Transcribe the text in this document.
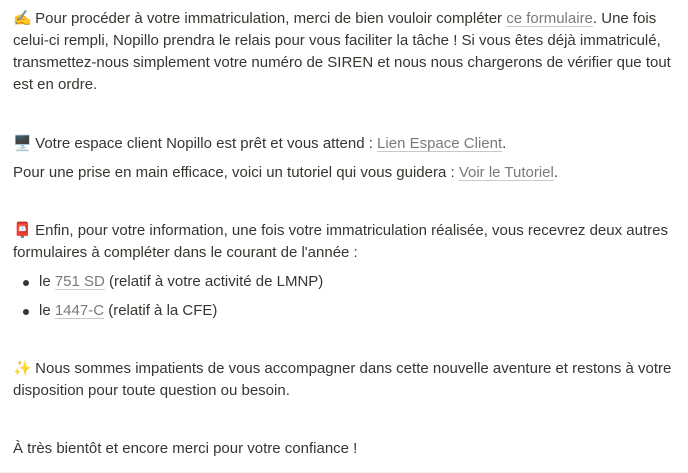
✍️ Pour procéder à votre immatriculation, merci de bien vouloir compléter ce formulaire. Une fois celui-ci rempli, Nopillo prendra le relais pour vous faciliter la tâche ! Si vous êtes déjà immatriculé, transmettez-nous simplement votre numéro de SIREN et nous nous chargerons de vérifier que tout est en ordre.

🖥️ Votre espace client Nopillo est prêt et vous attend : Lien Espace Client.

Pour une prise en main efficace, voici un tutoriel qui vous guidera : Voir le Tutoriel.

📮 Enfin, pour votre information, une fois votre immatriculation réalisée, vous recevrez deux autres formulaires à compléter dans le courant de l'année :

le 751 SD (relatif à votre activité de LMNP)
le 1447-C (relatif à la CFE)

✨ Nous sommes impatients de vous accompagner dans cette nouvelle aventure et restons à votre disposition pour toute question ou besoin.

À très bientôt et encore merci pour votre confiance !
